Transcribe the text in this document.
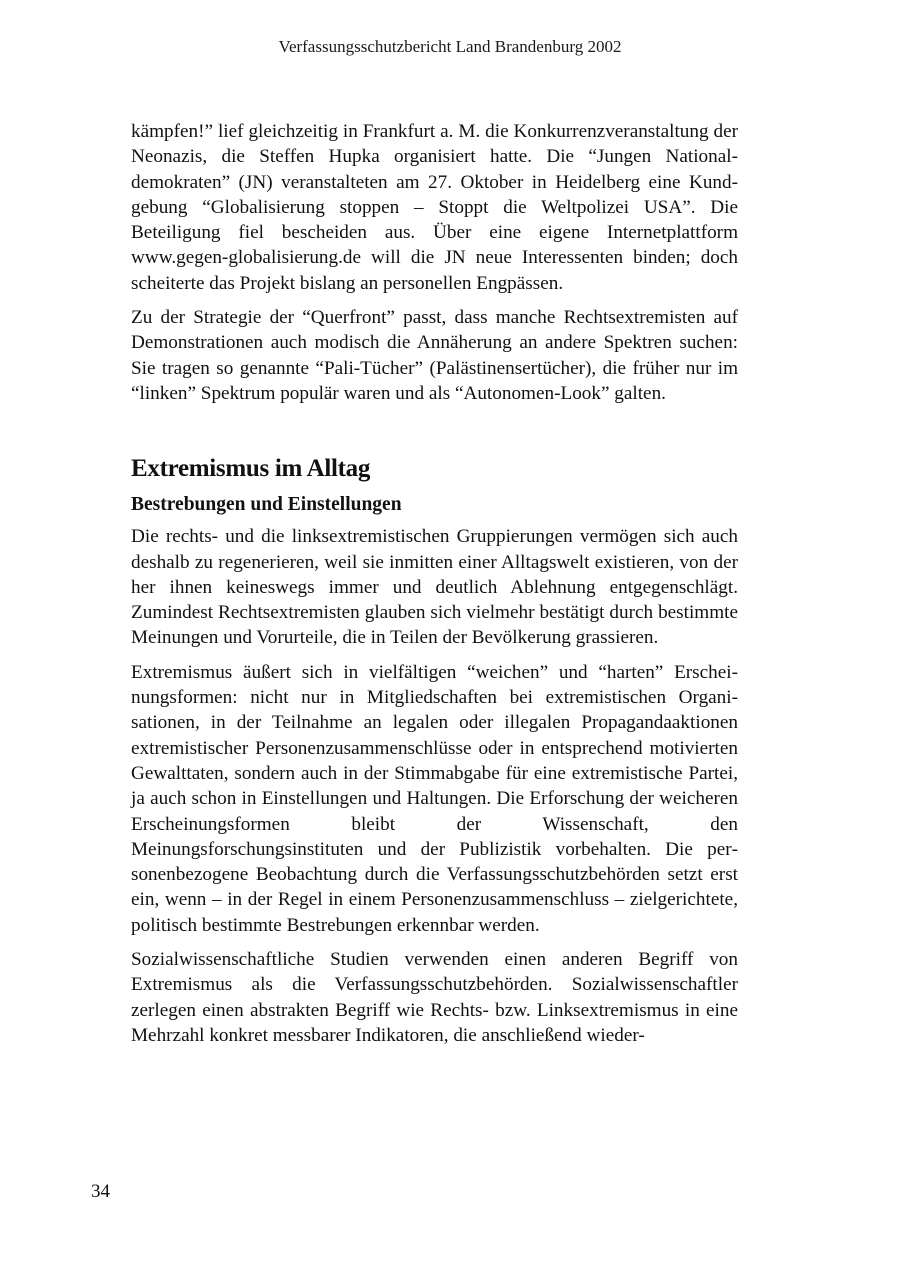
Verfassungsschutzbericht Land Brandenburg 2002

kämpfen!” lief gleichzeitig in Frankfurt a. M. die Konkurrenzveranstaltung der Neonazis, die Steffen Hupka organisiert hatte. Die “Jungen Nationaldemokraten” (JN) veranstalteten am 27. Oktober in Heidelberg eine Kundgebung “Globalisierung stoppen – Stoppt die Weltpolizei USA”. Die Beteiligung fiel bescheiden aus. Über eine eigene Internetplattform www.gegen-globalisierung.de will die JN neue Interessenten binden; doch scheiterte das Projekt bislang an personellen Engpässen.

Zu der Strategie der “Querfront” passt, dass manche Rechtsextremisten auf Demonstrationen auch modisch die Annäherung an andere Spektren suchen: Sie tragen so genannte “Pali-Tücher” (Palästinensertücher), die früher nur im “linken” Spektrum populär waren und als “Autonomen-Look” galten.

Extremismus im Alltag
Bestrebungen und Einstellungen

Die rechts- und die linksextremistischen Gruppierungen vermögen sich auch deshalb zu regenerieren, weil sie inmitten einer Alltagswelt existieren, von der her ihnen keineswegs immer und deutlich Ablehnung entgegenschlägt. Zumindest Rechtsextremisten glauben sich vielmehr bestätigt durch bestimmte Meinungen und Vorurteile, die in Teilen der Bevölkerung grassieren.

Extremismus äußert sich in vielfältigen “weichen” und “harten” Erscheinungsformen: nicht nur in Mitgliedschaften bei extremistischen Organisationen, in der Teilnahme an legalen oder illegalen Propagandaaktionen extremistischer Personenzusammenschlüsse oder in entsprechend motivierten Gewalttaten, sondern auch in der Stimmabgabe für eine extremistische Partei, ja auch schon in Einstellungen und Haltungen. Die Erforschung der weicheren Erscheinungsformen bleibt der Wissenschaft, den Meinungsforschungsinstituten und der Publizistik vorbehalten. Die personenbezogene Beobachtung durch die Verfassungsschutzbehörden setzt erst ein, wenn – in der Regel in einem Personenzusammenschluss – zielgerichtete, politisch bestimmte Bestrebungen erkennbar werden.

Sozialwissenschaftliche Studien verwenden einen anderen Begriff von Extremismus als die Verfassungsschutzbehörden. Sozialwissenschaftler zerlegen einen abstrakten Begriff wie Rechts- bzw. Linksextremismus in eine Mehrzahl konkret messbarer Indikatoren, die anschließend wieder-

34
